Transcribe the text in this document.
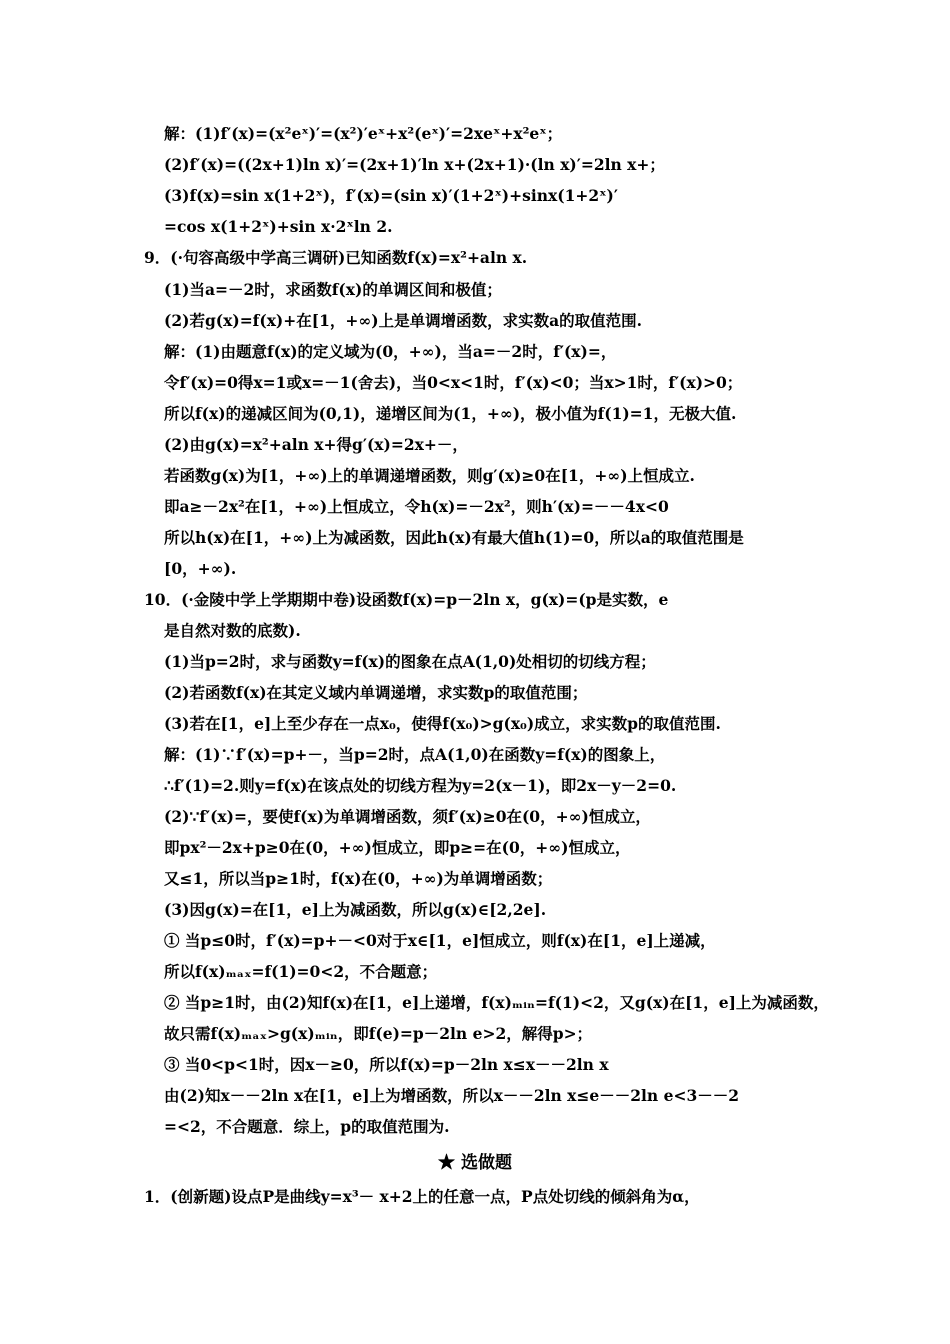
解：(1)f′(x)=(x²eˣ)′=(x²)′eˣ+x²(eˣ)′=2xeˣ+x²eˣ；
(2)f′(x)=((2x+1)ln x)′=(2x+1)′ln x+(2x+1)·(ln x)′=2ln x+；
(3)f(x)=sin x(1+2ˣ)，f′(x)=(sin x)′(1+2ˣ)+sinx(1+2ˣ)′
=cos x(1+2ˣ)+sin x·2ˣln 2.
9．(·句容高级中学高三调研)已知函数f(x)=x²+aln x.
(1)当a=－2时，求函数f(x)的单调区间和极值；
(2)若g(x)=f(x)+在[1，+∞)上是单调增函数，求实数a的取值范围.
解：(1)由题意f(x)的定义域为(0，+∞)，当a=－2时，f′(x)=，
令f′(x)=0得x=1或x=－1(舍去)，当0<x<1时，f′(x)<0；当x>1时，f′(x)>0；
所以f(x)的递减区间为(0,1)，递增区间为(1，+∞)，极小值为f(1)=1，无极大值.
(2)由g(x)=x²+aln x+得g′(x)=2x+－，
若函数g(x)为[1，+∞)上的单调递增函数，则g′(x)≥0在[1，+∞)上恒成立.
即a≥－2x²在[1，+∞)上恒成立，令h(x)=－2x²，则h′(x)=－－4x<0
所以h(x)在[1，+∞)上为减函数，因此h(x)有最大值h(1)=0，所以a的取值范围是
[0，+∞).
10．(·金陵中学上学期期中卷)设函数f(x)=p－2ln x，g(x)=(p是实数，e
是自然对数的底数).
(1)当p=2时，求与函数y=f(x)的图象在点A(1,0)处相切的切线方程；
(2)若函数f(x)在其定义域内单调递增，求实数p的取值范围；
(3)若在[1，e]上至少存在一点x₀，使得f(x₀)>g(x₀)成立，求实数p的取值范围.
解：(1)∵f′(x)=p+－，当p=2时，点A(1,0)在函数y=f(x)的图象上，
∴f′(1)=2.则y=f(x)在该点处的切线方程为y=2(x－1)，即2x－y－2=0.
(2)∵f′(x)=，要使f(x)为单调增函数，须f′(x)≥0在(0，+∞)恒成立，
即px²－2x+p≥0在(0，+∞)恒成立，即p≥=在(0，+∞)恒成立，
又≤1，所以当p≥1时，f(x)在(0，+∞)为单调增函数；
(3)因g(x)=在[1，e]上为减函数，所以g(x)∈[2,2e].
① 当p≤0时，f′(x)=p+－<0对于x∈[1，e]恒成立，则f(x)在[1，e]上递减，
所以f(x)ₘₐₓ=f(1)=0<2，不合题意；
② 当p≥1时，由(2)知f(x)在[1，e]上递增，f(x)ₘᵢₙ=f(1)<2，又g(x)在[1，e]上为减函数，
故只需f(x)ₘₐₓ>g(x)ₘᵢₙ，即f(e)=p－2ln e>2，解得p>；
③ 当0<p<1时，因x－≥0，所以f(x)=p－2ln x≤x－－2ln x
由(2)知x－－2ln x在[1，e]上为增函数，所以x－－2ln x≤e－－2ln e<3－－2
=<2，不合题意．综上，p的取值范围为.
★ 选做题
1．(创新题)设点P是曲线y=x³－ x+2上的任意一点，P点处切线的倾斜角为α，
